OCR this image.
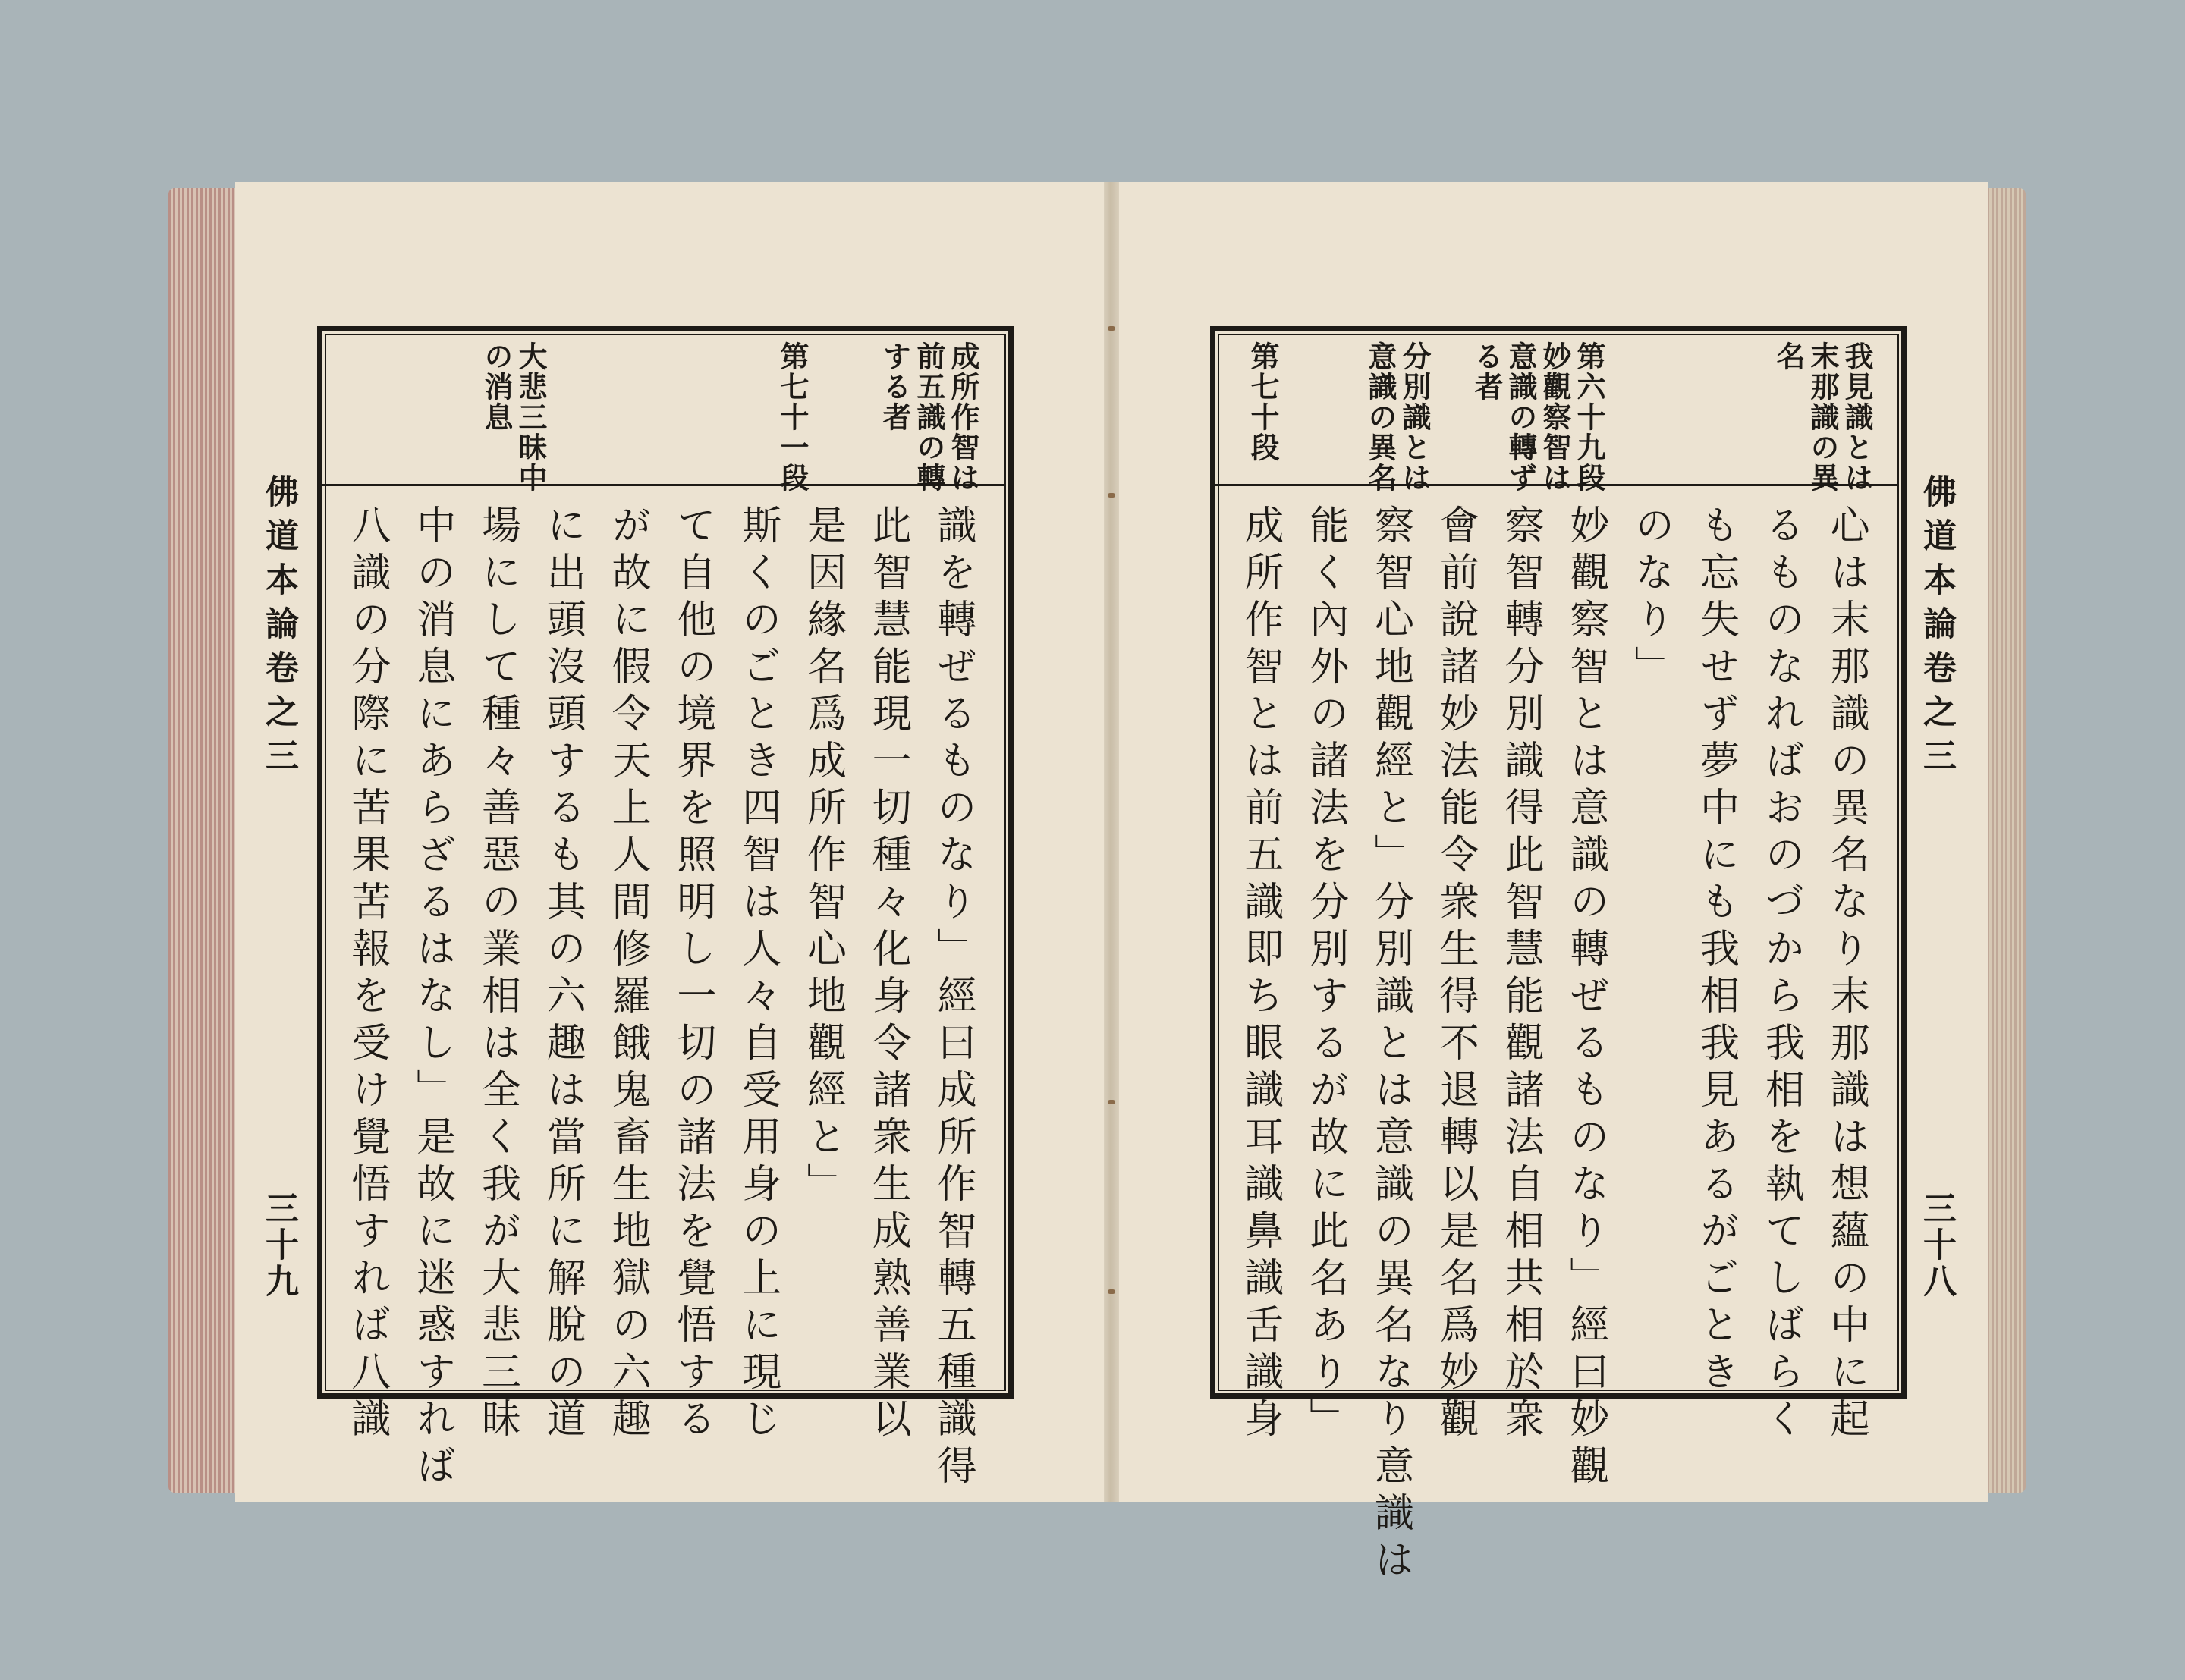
佛道本論卷之三
三十九
成所作智は
前五識の轉
する者
第七十一段
大悲三昧中
の消息
識を轉ぜるものなり」經曰成所作智轉五種識得
此智慧能現一切種々化身令諸衆生成熟善業以
是因緣名爲成所作智心地觀經と」
斯くのごとき四智は人々自受用身の上に現じ
て自他の境界を照明し一切の諸法を覺悟する
が故に假令天上人間修羅餓鬼畜生地獄の六趣
に出頭沒頭するも其の六趣は當所に解脫の道
場にして種々善惡の業相は全く我が大悲三昧
中の消息にあらざるはなし」是故に迷惑すれば
八識の分際に苦果苦報を受け覺悟すれば八識	佛道本論卷之三
三十八
我見識とは
末那識の異
名
第六十九段
妙觀察智は
意識の轉ず
る者
分別識とは
意識の異名
第七十段
心は末那識の異名なり末那識は想蘊の中に起
るものなればおのづから我相を執てしばらく
も忘失せず夢中にも我相我見あるがごとき
のなり」
妙觀察智とは意識の轉ぜるものなり」經曰妙觀
察智轉分別識得此智慧能觀諸法自相共相於衆
會前說諸妙法能令衆生得不退轉以是名爲妙觀
察智心地觀經と」分別識とは意識の異名なり意識は
能く內外の諸法を分別するが故に此名あり」
成所作智とは前五識即ち眼識耳識鼻識舌識身
